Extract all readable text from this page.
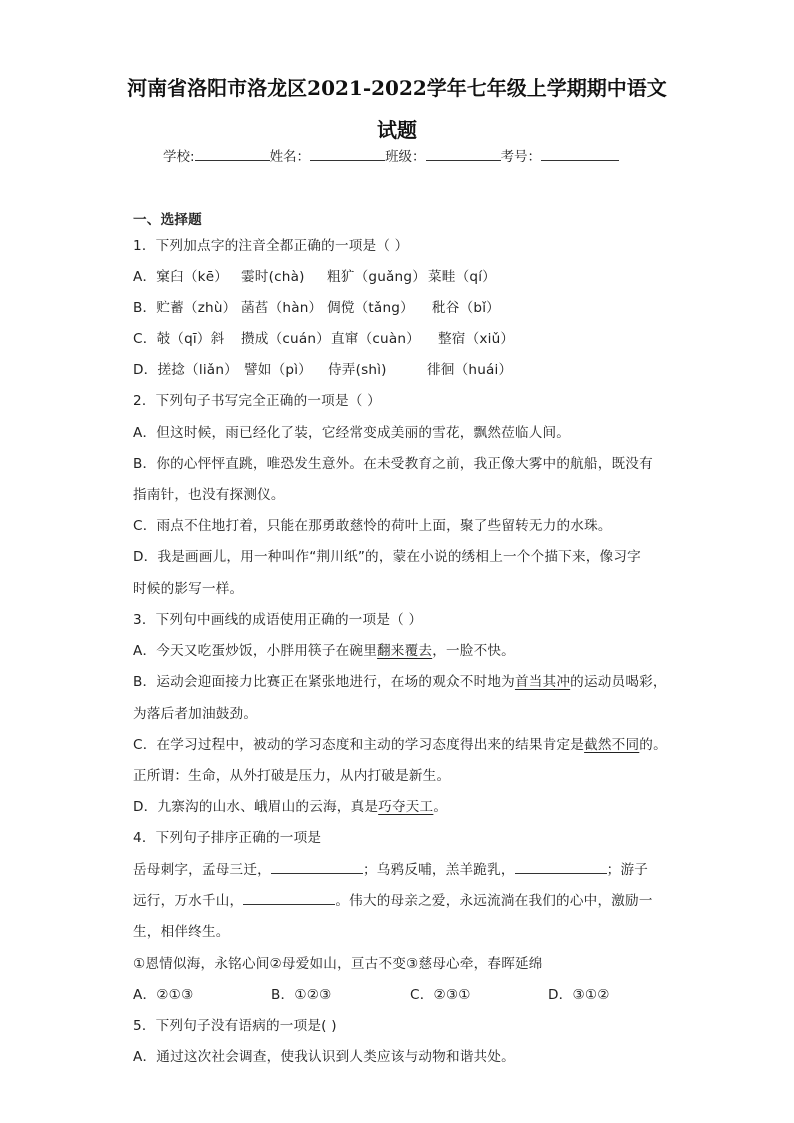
河南省洛阳市洛龙区2021-2022学年七年级上学期期中语文
试题
学校:	姓名：	班级：	考号：
一、选择题
1．下列加点字的注音全都正确的一项是（ ）
A．窠臼（kē） 霎时(chà) 粗犷（guǎng） 菜畦（qí）
B．贮蓄（zhù） 菡萏（hàn） 倜傥（tǎng） 秕谷（bǐ）
C．攲（qī）斜 攒成（cuán） 直窜（cuàn） 整宿（xiǔ）
D．搓捻（liǎn） 譬如（pì） 侍弄(shì)	徘徊（huái）
2．下列句子书写完全正确的一项是（ ）
A．但这时候，雨已经化了装，它经常变成美丽的雪花，飘然莅临人间。
B．你的心怦怦直跳，唯恐发生意外。在未受教育之前，我正像大雾中的航船，既没有
指南针，也没有探测仪。
C．雨点不住地打着，只能在那勇敢慈怜的荷叶上面，聚了些留转无力的水珠。
D．我是画画儿，用一种叫作“荆川纸”的，蒙在小说的绣相上一个个描下来，像习字
时候的影写一样。
3．下列句中画线的成语使用正确的一项是（ ）
A．今天又吃蛋炒饭，小胖用筷子在碗里翻来覆去，一脸不快。
B．运动会迎面接力比赛正在紧张地进行，在场的观众不时地为首当其冲的运动员喝彩，
为落后者加油鼓劲。
C．在学习过程中，被动的学习态度和主动的学习态度得出来的结果肯定是截然不同的。
正所谓：生命，从外打破是压力，从内打破是新生。
D．九寨沟的山水、峨眉山的云海，真是巧夺天工。
4．下列句子排序正确的一项是
岳母刺字，孟母三迁，	；乌鸦反哺，羔羊跪乳，	；游子
远行，万水千山，	。伟大的母亲之爱，永远流淌在我们的心中，激励一
生，相伴终生。
①恩情似海，永铭心间②母爱如山，亘古不变③慈母心牵，春晖延绵
A．②①③	B．①②③	C．②③①	D．③①②
5．下列句子没有语病的一项是( )
A．通过这次社会调查，使我认识到人类应该与动物和谐共处。
